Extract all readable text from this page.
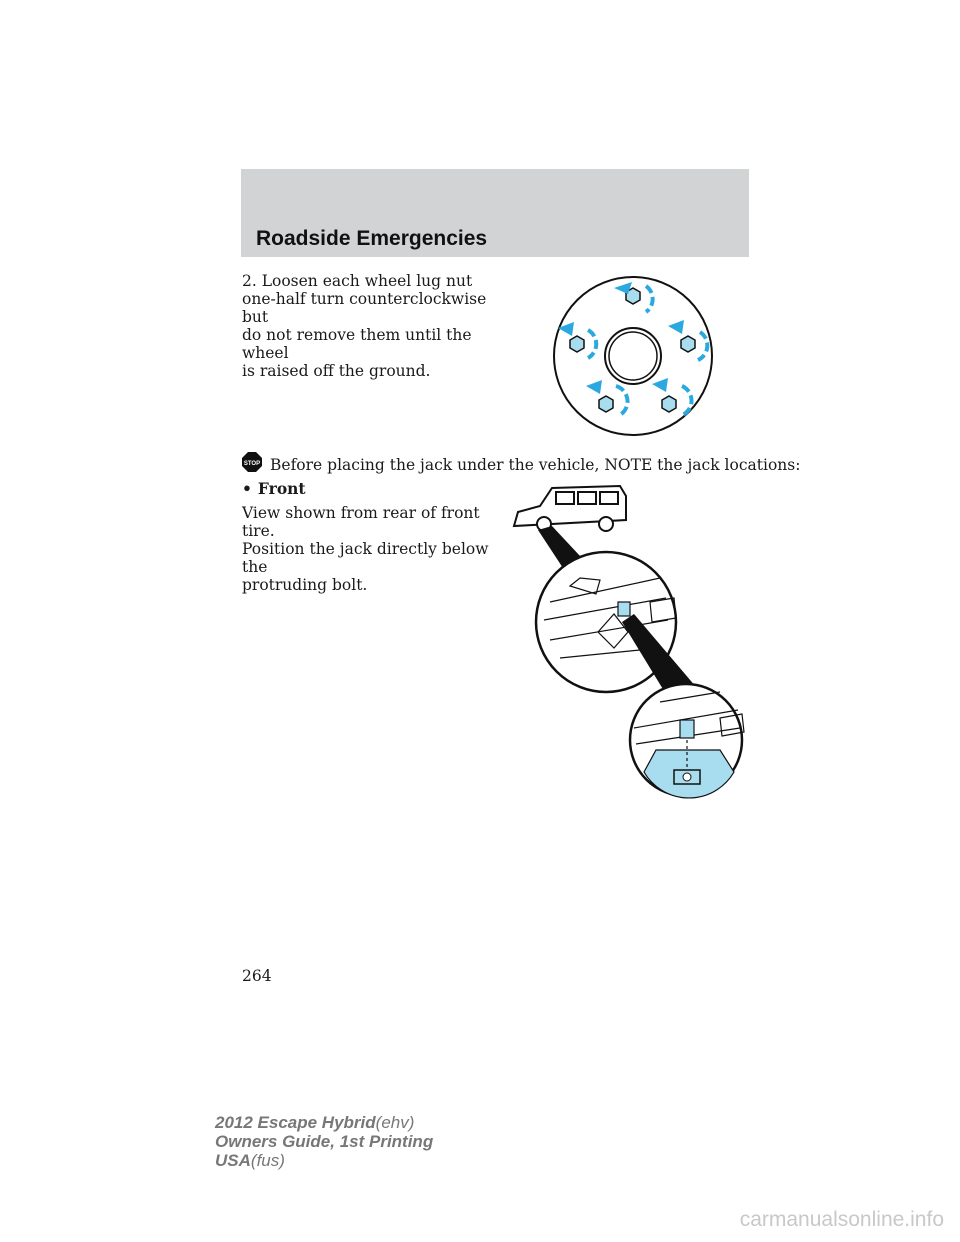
Roadside Emergencies

2. Loosen each wheel lug nut
one-half turn counterclockwise but
do not remove them until the wheel
is raised off the ground.

STOP Before placing the jack under the vehicle, NOTE the jack locations:
• Front

View shown from rear of front tire.
Position the jack directly below the
protruding bolt.

264
2012 Escape Hybrid(ehv)
Owners Guide, 1st Printing
USA(fus)
carmanualsonline.info
